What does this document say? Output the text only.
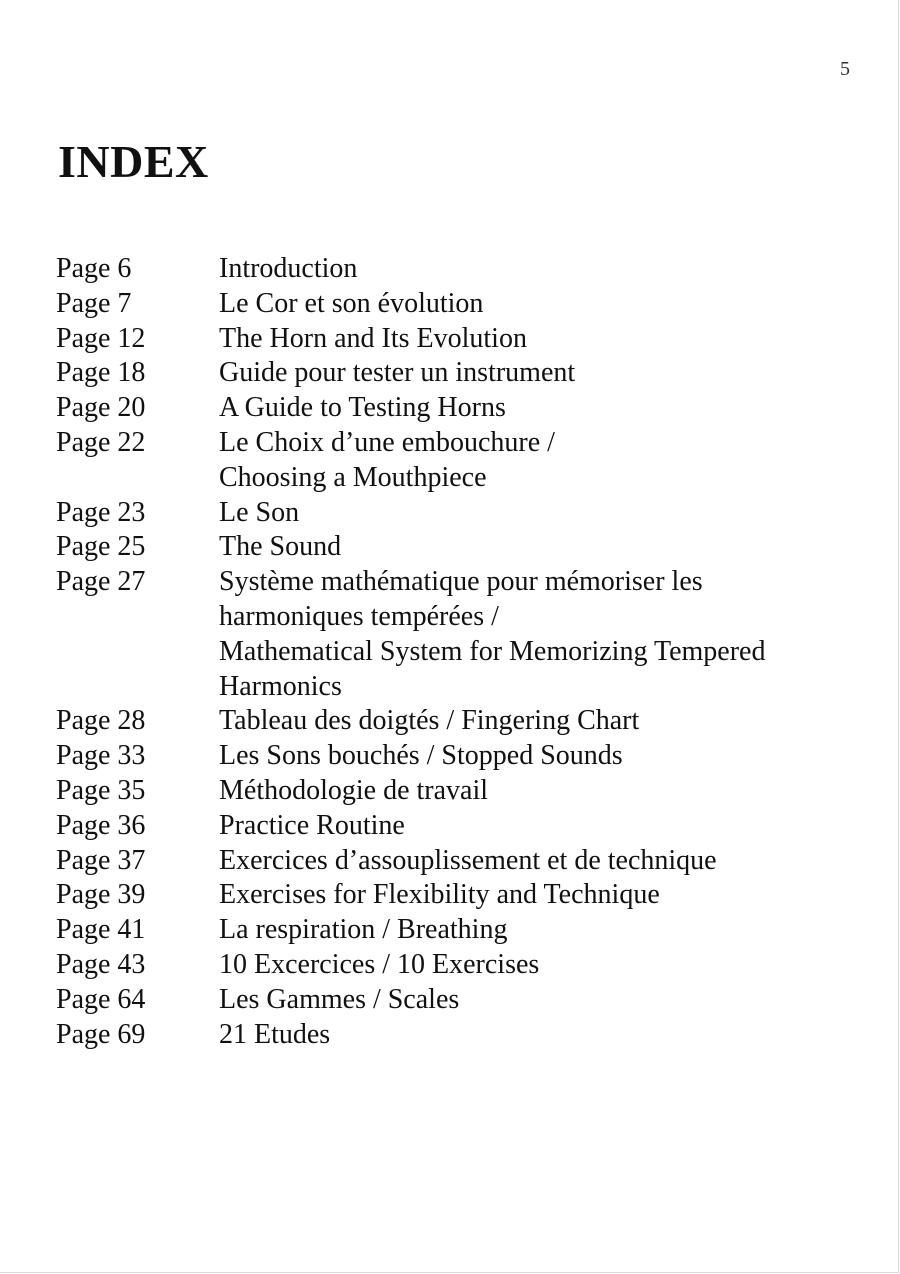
5
INDEX
Page 6	Introduction
Page 7	Le Cor et son évolution
Page 12	The Horn and Its Evolution
Page 18	Guide pour tester un instrument
Page 20	A Guide to Testing Horns
Page 22	Le Choix d’une embouchure /
Choosing a Mouthpiece
Page 23	Le Son
Page 25	The Sound
Page 27	Système mathématique pour mémoriser les
harmoniques tempérées /
Mathematical System for Memorizing Tempered
Harmonics
Page 28	Tableau des doigtés / Fingering Chart
Page 33	Les Sons bouchés / Stopped Sounds
Page 35	Méthodologie de travail
Page 36	Practice Routine
Page 37	Exercices d’assouplissement et de technique
Page 39	Exercises for Flexibility and Technique
Page 41	La respiration / Breathing
Page 43	10 Excercices / 10 Exercises
Page 64	Les Gammes / Scales
Page 69	21 Etudes
